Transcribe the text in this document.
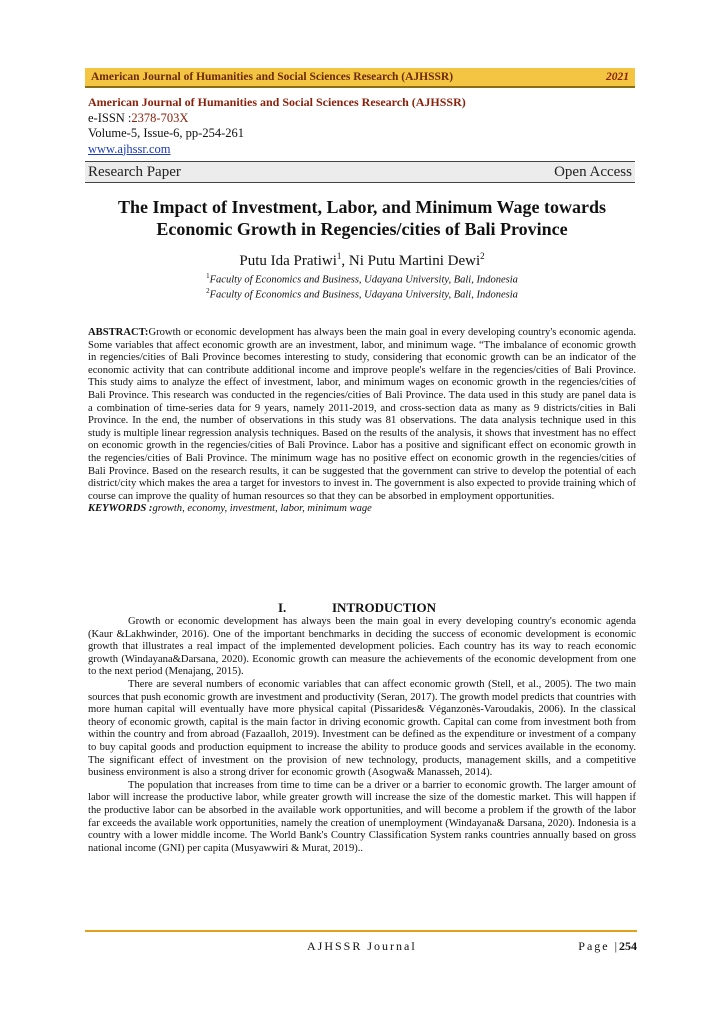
American Journal of Humanities and Social Sciences Research (AJHSSR)	2021
American Journal of Humanities and Social Sciences Research (AJHSSR)
e-ISSN :2378-703X
Volume-5, Issue-6, pp-254-261
www.ajhssr.com
Research Paper	Open Access
The Impact of Investment, Labor, and Minimum Wage towards Economic Growth in Regencies/cities of Bali Province
Putu Ida Pratiwi$^1$, Ni Putu Martini Dewi$^2$
$^1$Faculty of Economics and Business, Udayana University, Bali, Indonesia
$^2$Faculty of Economics and Business, Udayana University, Bali, Indonesia
ABSTRACT:Growth or economic development has always been the main goal in every developing country's economic agenda. Some variables that affect economic growth are an investment, labor, and minimum wage. “The imbalance of economic growth in regencies/cities of Bali Province becomes interesting to study, considering that economic growth can be an indicator of the economic activity that can contribute additional income and improve people's welfare in the regencies/cities of Bali Province. This study aims to analyze the effect of investment, labor, and minimum wages on economic growth in the regencies/cities of Bali Province. This research was conducted in the regencies/cities of Bali Province. The data used in this study are panel data is a combination of time-series data for 9 years, namely 2011-2019, and cross-section data as many as 9 districts/cities in Bali Province. In the end, the number of observations in this study was 81 observations. The data analysis technique used in this study is multiple linear regression analysis techniques. Based on the results of the analysis, it shows that investment has no effect on economic growth in the regencies/cities of Bali Province. Labor has a positive and significant effect on economic growth in the regencies/cities of Bali Province. The minimum wage has no positive effect on economic growth in the regencies/cities of Bali Province. Based on the research results, it can be suggested that the government can strive to develop the potential of each district/city which makes the area a target for investors to invest in. The government is also expected to provide training which of course can improve the quality of human resources so that they can be absorbed in employment opportunities.
KEYWORDS :growth, economy, investment, labor, minimum wage
I.	INTRODUCTION

Growth or economic development has always been the main goal in every developing country's economic agenda (Kaur &Lakhwinder, 2016). One of the important benchmarks in deciding the success of economic development is economic growth that illustrates a real impact of the implemented development policies. Each country has its way to reach economic growth (Windayana&Darsana, 2020). Economic growth can measure the achievements of the economic development from one to the next period (Menajang, 2015).

There are several numbers of economic variables that can affect economic growth (Stell, et al., 2005). The two main sources that push economic growth are investment and productivity (Seran, 2017). The growth model predicts that countries with more human capital will eventually have more physical capital (Pissarides& Véganzonès-Varoudakis, 2006). In the classical theory of economic growth, capital is the main factor in driving economic growth. Capital can come from investment both from within the country and from abroad (Fazaalloh, 2019). Investment can be defined as the expenditure or investment of a company to buy capital goods and production equipment to increase the ability to produce goods and services available in the economy. The significant effect of investment on the provision of new technology, products, management skills, and a competitive business environment is also a strong driver for economic growth (Asogwa& Manasseh, 2014).

The population that increases from time to time can be a driver or a barrier to economic growth. The larger amount of labor will increase the productive labor, while greater growth will increase the size of the domestic market. This will happen if the productive labor can be absorbed in the available work opportunities, and will become a problem if the growth of the labor far exceeds the available work opportunities, namely the creation of unemployment (Windayana& Darsana, 2020). Indonesia is a country with a lower middle income. The World Bank's Country Classification System ranks countries annually based on gross national income (GNI) per capita (Musyawwiri & Murat, 2019)..

AJHSSR Journal	Page |254
